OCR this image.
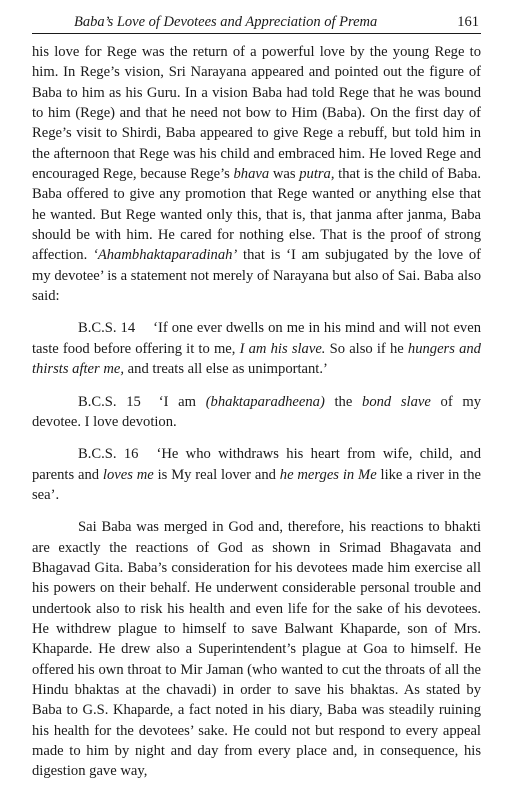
Baba’s Love of Devotees and Appreciation of Prema	161

his love for Rege was the return of a powerful love by the young Rege to him. In Rege’s vision, Sri Narayana appeared and pointed out the figure of Baba to him as his Guru. In a vision Baba had told Rege that he was bound to him (Rege) and that he need not bow to Him (Baba). On the first day of Rege’s visit to Shirdi, Baba appeared to give Rege a rebuff, but told him in the afternoon that Rege was his child and embraced him. He loved Rege and encouraged Rege, because Rege’s bhava was putra, that is the child of Baba. Baba offered to give any promotion that Rege wanted or anything else that he wanted. But Rege wanted only this, that is, that janma after janma, Baba should be with him. He cared for nothing else. That is the proof of strong affection. ‘Ahambhaktaparadinah’ that is ‘I am subjugated by the love of my devotee’ is a statement not merely of Narayana but also of Sai. Baba also said:

B.C.S. 14 ‘If one ever dwells on me in his mind and will not even taste food before offering it to me, I am his slave. So also if he hungers and thirsts after me, and treats all else as unimportant.’

B.C.S. 15 ‘I am (bhaktaparadheena) the bond slave of my devotee. I love devotion.

B.C.S. 16 ‘He who withdraws his heart from wife, child, and parents and loves me is My real lover and he merges in Me like a river in the sea’.

Sai Baba was merged in God and, therefore, his reactions to bhakti are exactly the reactions of God as shown in Srimad Bhagavata and Bhagavad Gita. Baba’s consideration for his devotees made him exercise all his powers on their behalf. He underwent considerable personal trouble and undertook also to risk his health and even life for the sake of his devotees. He withdrew plague to himself to save Balwant Khaparde, son of Mrs. Khaparde. He drew also a Superintendent’s plague at Goa to himself. He offered his own throat to Mir Jaman (who wanted to cut the throats of all the Hindu bhaktas at the chavadi) in order to save his bhaktas. As stated by Baba to G.S. Khaparde, a fact noted in his diary, Baba was steadily ruining his health for the devotees’ sake. He could not but respond to every appeal made to him by night and day from every place and, in consequence, his digestion gave way,
